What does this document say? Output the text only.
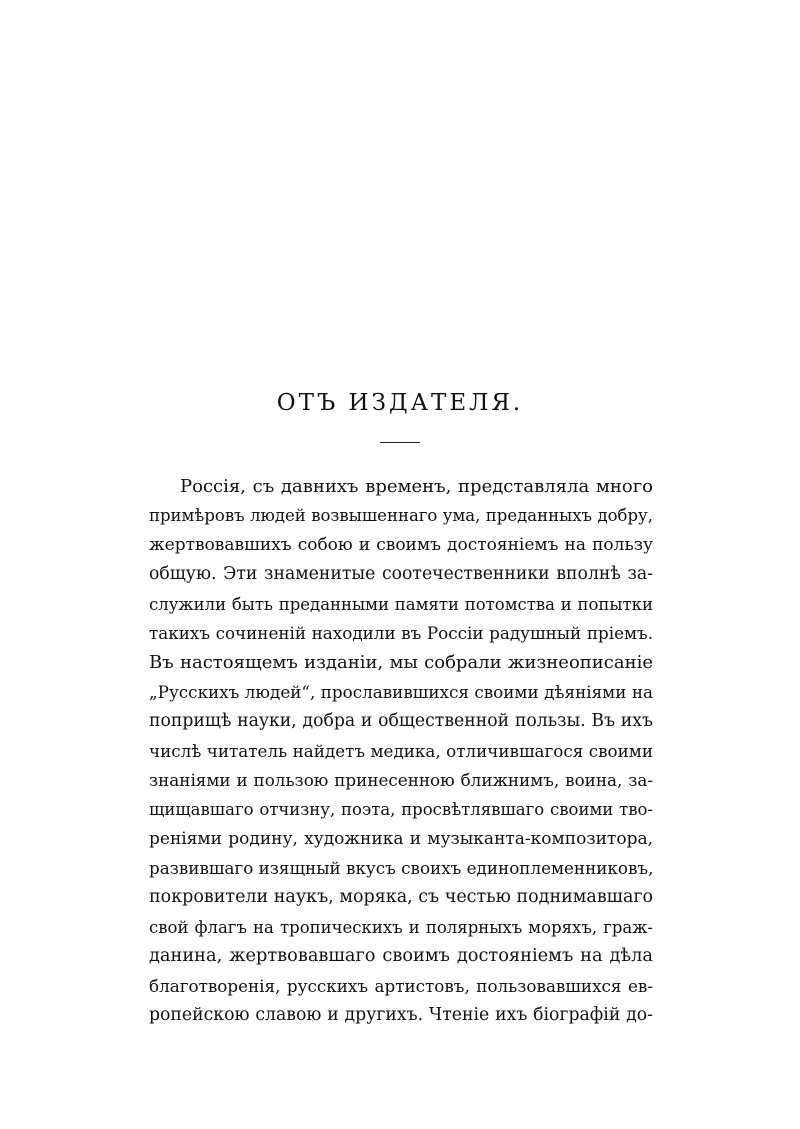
ОТЪ ИЗДАТЕЛЯ.
Россія, съ давнихъ временъ, представляла много
примѣровъ людей возвышеннаго ума, преданныхъ добру,
жертвовавшихъ собою и своимъ достояніемъ на пользу
общую. Эти знаменитые соотечественники вполнѣ за-
служили быть преданными памяти потомства и попытки
такихъ сочиненій находили въ Россіи радушный пріемъ.
Въ настоящемъ изданіи, мы собрали жизнеописаніе
„Русскихъ людей“, прославившихся своими дѣяніями на
поприщѣ науки, добра и общественной пользы. Въ ихъ
числѣ читатель найдетъ медика, отличившагося своими
знаніями и пользою принесенною ближнимъ, воина, за-
щищавшаго отчизну, поэта, просвѣтлявшаго своими тво-
реніями родину, художника и музыканта-композитора,
развившаго изящный вкусъ своихъ единоплеменниковъ,
покровители наукъ, моряка, съ честью поднимавшаго
свой флагъ на тропическихъ и полярныхъ моряхъ, граж-
данина, жертвовавшаго своимъ достояніемъ на дѣла
благотворенія, русскихъ артистовъ, пользовавшихся ев-
ропейскою славою и другихъ. Чтеніе ихъ біографій до-
